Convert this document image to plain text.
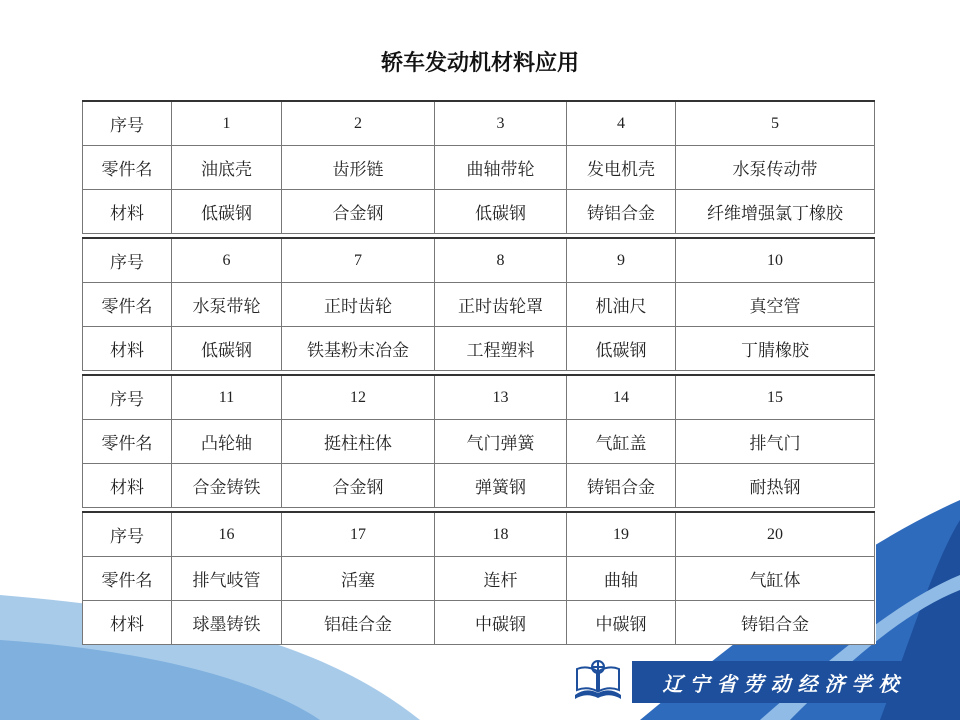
轿车发动机材料应用
序号	1	2	3	4	5
零件名	油底壳	齿形链	曲轴带轮	发电机壳	水泵传动带
材料	低碳钢	合金钢	低碳钢	铸铝合金	纤维增强氯丁橡胶
序号	6	7	8	9	10
零件名	水泵带轮	正时齿轮	正时齿轮罩	机油尺	真空管
材料	低碳钢	铁基粉末冶金	工程塑料	低碳钢	丁腈橡胶
序号	11	12	13	14	15
零件名	凸轮轴	挺柱柱体	气门弹簧	气缸盖	排气门
材料	合金铸铁	合金钢	弹簧钢	铸铝合金	耐热钢
序号	16	17	18	19	20
零件名	排气岐管	活塞	连杆	曲轴	气缸体
材料	球墨铸铁	铝硅合金	中碳钢	中碳钢	铸铝合金
辽宁省劳动经济学校
